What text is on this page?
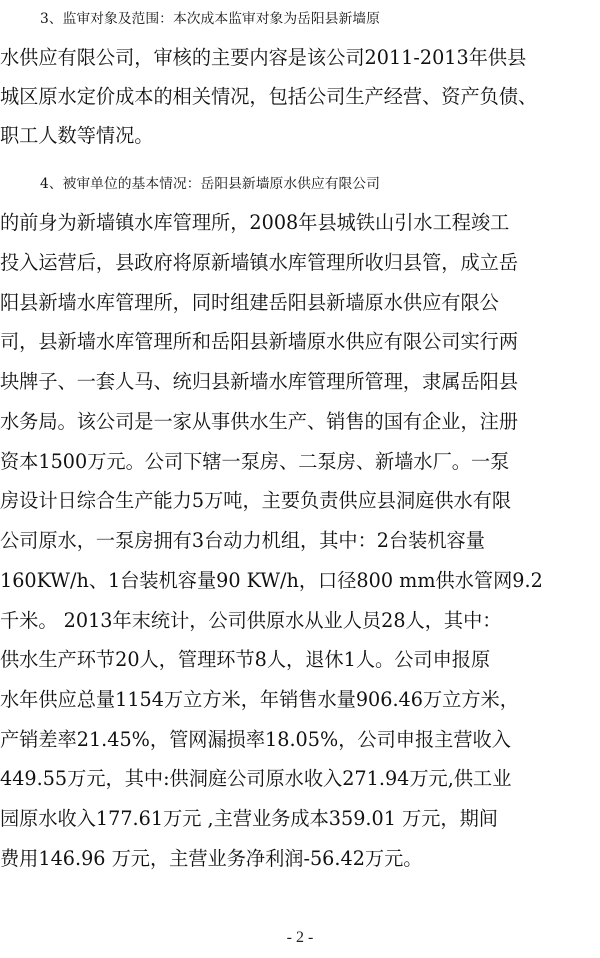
3、监审对象及范围：本次成本监审对象为岳阳县新墙原
水供应有限公司，审核的主要内容是该公司2011-2013年供县
城区原水定价成本的相关情况，包括公司生产经营、资产负债、
职工人数等情况。
4、被审单位的基本情况：岳阳县新墙原水供应有限公司
的前身为新墙镇水库管理所，2008年县城铁山引水工程竣工
投入运营后，县政府将原新墙镇水库管理所收归县管，成立岳
阳县新墙水库管理所，同时组建岳阳县新墙原水供应有限公
司，县新墙水库管理所和岳阳县新墙原水供应有限公司实行两
块牌子、一套人马、统归县新墙水库管理所管理，隶属岳阳县
水务局。该公司是一家从事供水生产、销售的国有企业，注册
资本1500万元。公司下辖一泵房、二泵房、新墙水厂。一泵
房设计日综合生产能力5万吨，主要负责供应县洞庭供水有限
公司原水，一泵房拥有3台动力机组，其中：2台装机容量
160KW/h、1台装机容量90 KW/h，口径800 mm供水管网9.2
千米。 2013年末统计，公司供原水从业人员28人，其中：
供水生产环节20人，管理环节8人，退休1人。公司申报原
水年供应总量1154万立方米，年销售水量906.46万立方米，
产销差率21.45%，管网漏损率18.05%，公司申报主营收入
449.55万元，其中:供洞庭公司原水收入271.94万元,供工业
园原水收入177.61万元 ,主营业务成本359.01 万元，期间
费用146.96 万元，主营业务净利润-56.42万元。
- 2 -
